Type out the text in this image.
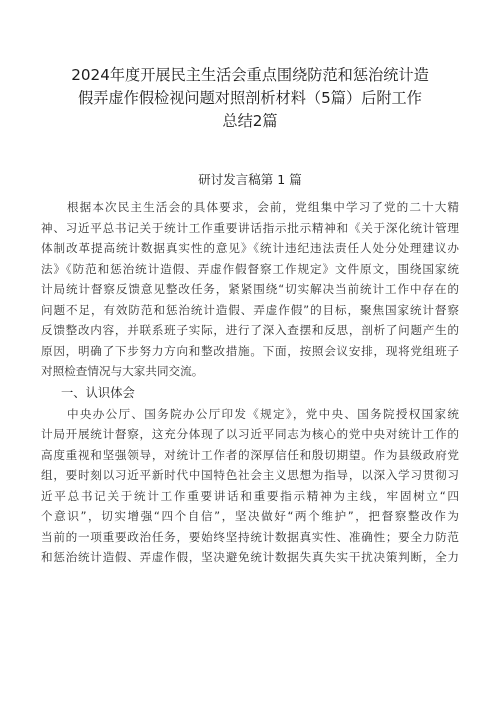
2024年度开展民主生活会重点围绕防范和惩治统计造
假弄虚作假检视问题对照剖析材料（5篇）后附工作
总结2篇
研讨发言稿第 1 篇
根据本次民主生活会的具体要求，会前，党组集中学习了党的二十大精
神、习近平总书记关于统计工作重要讲话指示批示精神和《关于深化统计管理
体制改革提高统计数据真实性的意见》《统计违纪违法责任人处分处理建议办
法》《防范和惩治统计造假、弄虚作假督察工作规定》文件原文，围绕国家统
计局统计督察反馈意见整改任务，紧紧围绕“切实解决当前统计工作中存在的
问题不足，有效防范和惩治统计造假、弄虚作假”的目标，聚焦国家统计督察
反馈整改内容，并联系班子实际，进行了深入查摆和反思，剖析了问题产生的
原因，明确了下步努力方向和整改措施。下面，按照会议安排，现将党组班子
对照检查情况与大家共同交流。
一、认识体会
中央办公厅、国务院办公厅印发《规定》，党中央、国务院授权国家统
计局开展统计督察，这充分体现了以习近平同志为核心的党中央对统计工作的
高度重视和坚强领导，对统计工作者的深厚信任和殷切期望。作为县级政府党
组，要时刻以习近平新时代中国特色社会主义思想为指导，以深入学习贯彻习
近平总书记关于统计工作重要讲话和重要指示精神为主线，牢固树立“四
个意识”，切实增强“四个自信”，坚决做好“两个维护”，把督察整改作为
当前的一项重要政治任务，要始终坚持统计数据真实性、准确性；要全力防范
和惩治统计造假、弄虚作假，坚决避免统计数据失真失实干扰决策判断，全力
